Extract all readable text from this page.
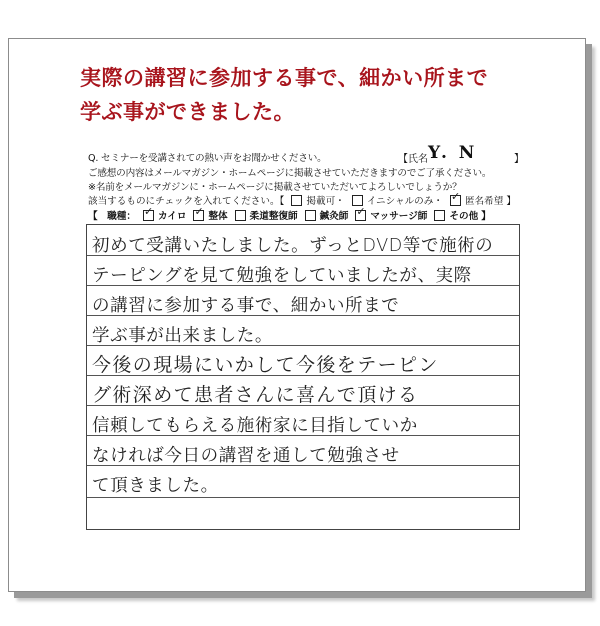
実際の講習に参加する事で、細かい所まで
学ぶ事ができました。
Q. セミナーを受講されての熱い声をお聞かせください。	【氏名 Y. N	】
ご感想の内容はメールマガジン・ホームページに掲載させていただきますのでご了承ください。
※名前をメールマガジンに・ホームページに掲載させていただいてよろしいでしょうか？
該当するものにチェックを入れてください。【 掲載可・ イニシャルのみ・ ✓ 匿名希望 】
【　職種： ✓ カイロ ✓ 整体 柔道整復師 鍼灸師 ✓ マッサージ師 その他 】
初めて受講いたしました。ずっとDVD等で施術の
テーピングを見て勉強をしていましたが、実際
の講習に参加する事で、細かい所まで
学ぶ事が出来ました。
今後の現場にいかして今後をテーピン
グ術深めて患者さんに喜んで頂ける
信頼してもらえる施術家に目指していか
なければ今日の講習を通して勉強させ
て頂きました。
